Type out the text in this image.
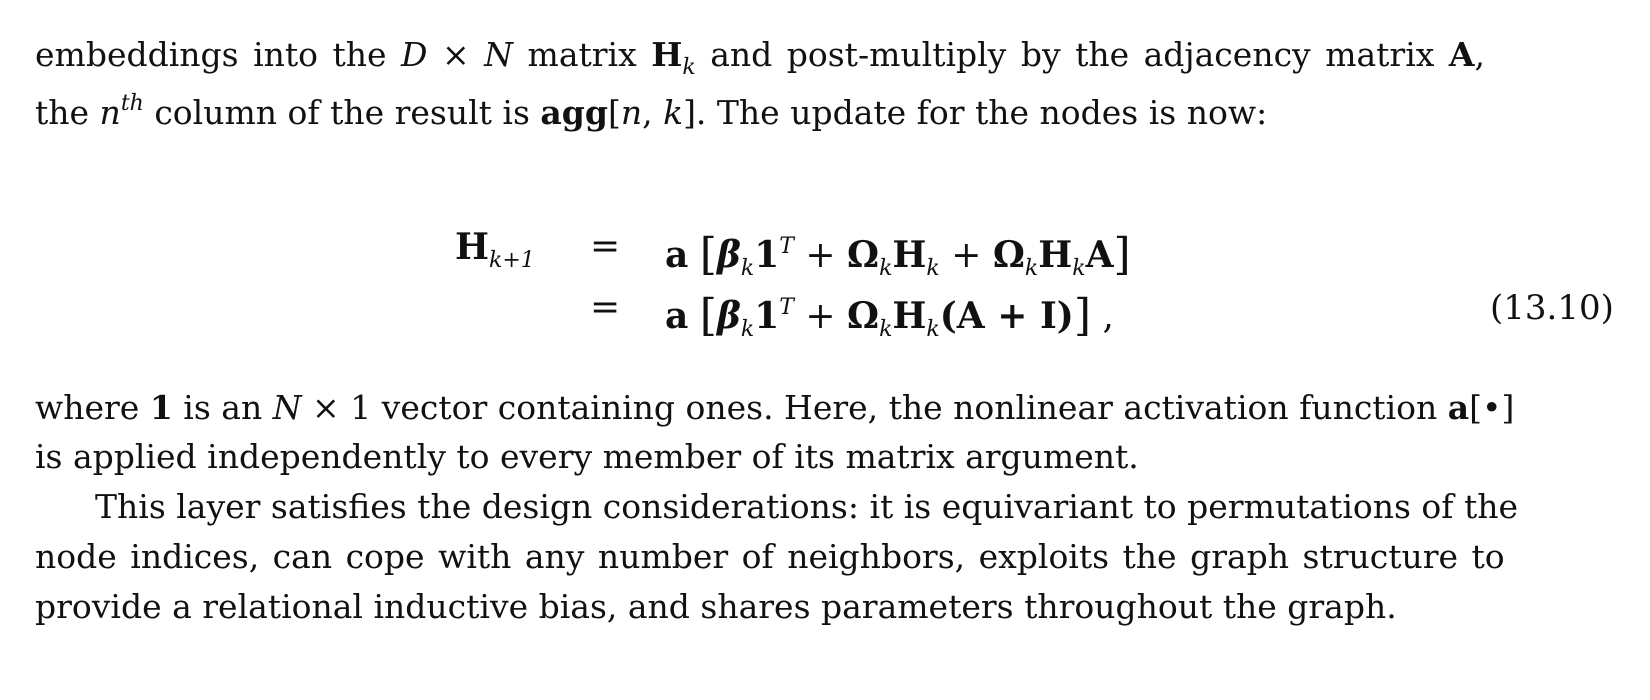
embeddings into the D × N matrix $H_k$ and post-multiply by the adjacency matrix A,
the $n^{th}$ column of the result is agg[n, k]. The update for the nodes is now:
$H_{k+1} = a$ $[\beta_k1^T + \Omega_kH_k + \Omega_kH_kA]$
= a $[\beta_k1^T + \Omega_kH_k(A + I)]$ ,	(13.10)
where 1 is an N × 1 vector containing ones. Here, the nonlinear activation function a[•]
is applied independently to every member of its matrix argument.
This layer satisfies the design considerations: it is equivariant to permutations of the
node indices, can cope with any number of neighbors, exploits the graph structure to
provide a relational inductive bias, and shares parameters throughout the graph.
